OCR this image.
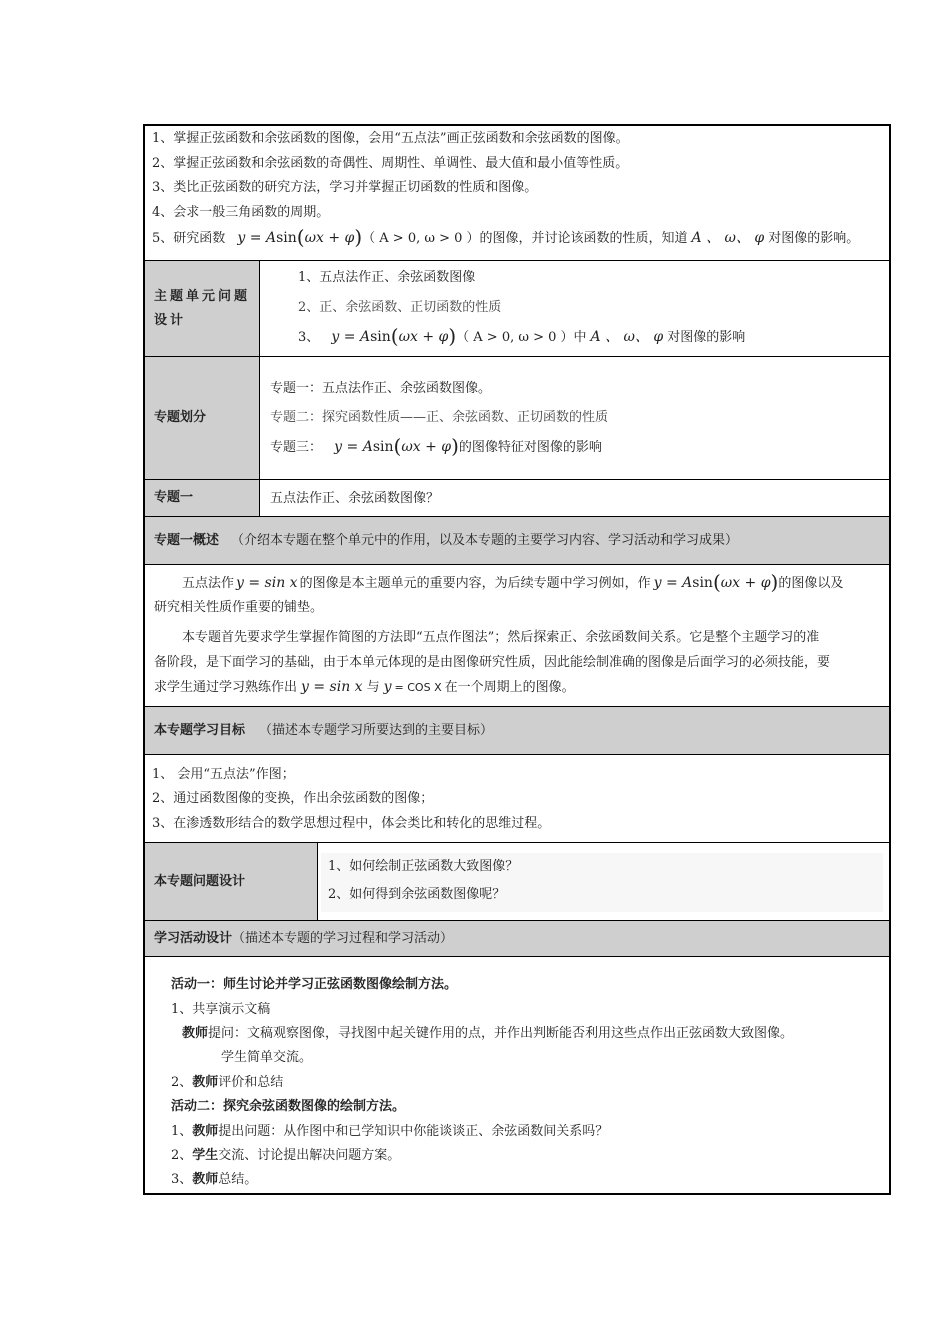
1、掌握正弦函数和余弦函数的图像，会用“五点法”画正弦函数和余弦函数的图像。
2、掌握正弦函数和余弦函数的奇偶性、周期性、单调性、最大值和最小值等性质。
3、类比正弦函数的研究方法，学习并掌握正切函数的性质和图像。
4、会求一般三角函数的周期。
5、研究函数 y = Asin(ωx + φ)（ A > 0, ω > 0 ）的图像，并讨论该函数的性质，知道 A 、 ω、 φ 对图像的影响。
主题单元问题设计
1、五点法作正、余弦函数图像
2、正、余弦函数、正切函数的性质
3、 y = Asin(ωx + φ)（ A > 0, ω > 0 ）中 A 、 ω、 φ 对图像的影响
专题划分
专题一：五点法作正、余弦函数图像。
专题二：探究函数性质——正、余弦函数、正切函数的性质
专题三： y = Asin(ωx + φ)的图像特征对图像的影响
专题一	五点法作正、余弦函数图像？
专题一概述 （介绍本专题在整个单元中的作用，以及本专题的主要学习内容、学习活动和学习成果）
五点法作 y = sin x 的图像是本主题单元的重要内容，为后续专题中学习例如，作 y = Asin(ωx + φ)的图像以及
研究相关性质作重要的铺垫。
本专题首先要求学生掌握作简图的方法即“五点作图法”；然后探索正、余弦函数间关系。它是整个主题学习的准
备阶段，是下面学习的基础，由于本单元体现的是由图像研究性质，因此能绘制准确的图像是后面学习的必须技能，要
求学生通过学习熟练作出 y = sin x 与 y = COS X 在一个周期上的图像。
本专题学习目标 （描述本专题学习所要达到的主要目标）
1、 会用“五点法”作图；
2、通过函数图像的变换，作出余弦函数的图像；
3、在渗透数形结合的数学思想过程中，体会类比和转化的思维过程。
本专题问题设计
1、如何绘制正弦函数大致图像？
2、如何得到余弦函数图像呢？
学习活动设计（描述本专题的学习过程和学习活动）
活动一：师生讨论并学习正弦函数图像绘制方法。
1、共享演示文稿
教师提问：文稿观察图像，寻找图中起关键作用的点，并作出判断能否利用这些点作出正弦函数大致图像。
学生简单交流。
2、教师评价和总结
活动二：探究余弦函数图像的绘制方法。
1、教师提出问题：从作图中和已学知识中你能谈谈正、余弦函数间关系吗？
2、学生交流、讨论提出解决问题方案。
3、教师总结。
